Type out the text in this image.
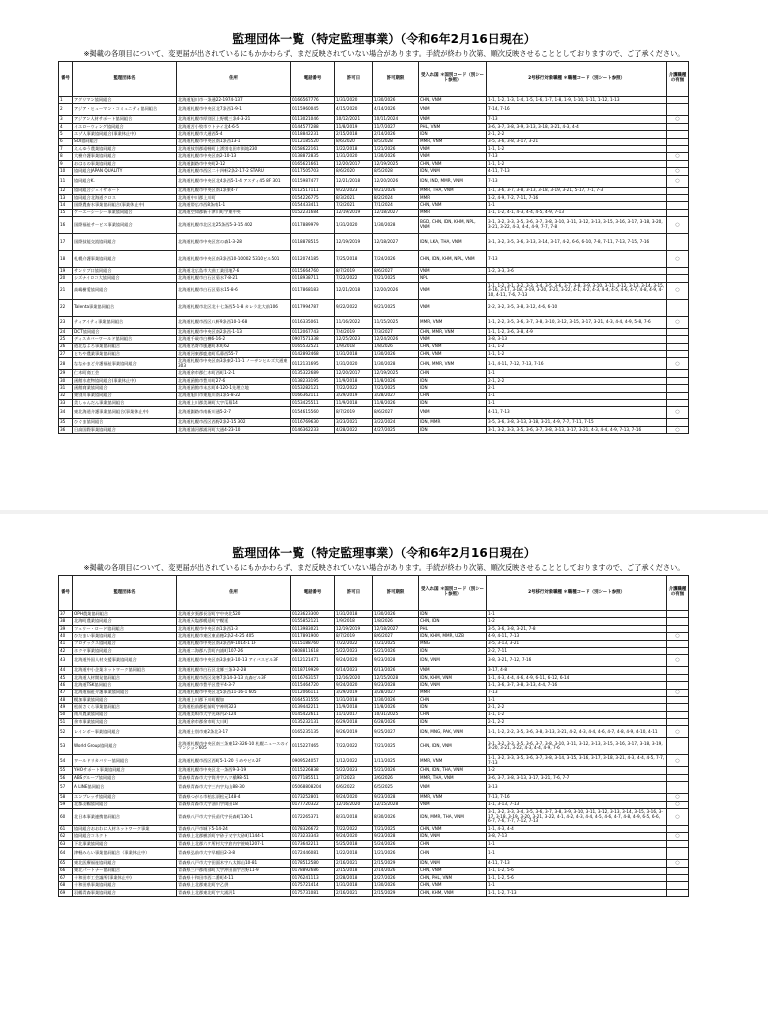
監理団体一覧（特定監理事業）（令和6年2月16日現在）
※掲載の各項目について、変更届が出されているにもかかわらず、まだ反映されていない場合があります。手続が終わり次第、順次反映させることとしておりますので、ご了承ください。
番号	監理団体名	住所	電話番号	許可日	許可期限	受入れ国 ＊国別コード（別シート参照）	2号移行対象職種 ＊職種コード（別シート参照）	介護職種の有無
1	アグリマン協同組合	北海道旭川市一条通22-1974-137	0166567776	1/31/2020	1/30/2026	CHN, VNM	1-1, 1-2, 1-3, 1-4, 1-5, 1-6, 1-7, 1-8, 1-9, 1-10, 1-11, 1-12, 1-13	
2	アジア・ヒューマン・コミュニティ協同組合	北海道札幌市中央区北7条西1-9-1	0115960045	4/15/2020	4/14/2026	VNM	7-14, 7-16	
3	アジアン人材サポート協同組合	北海道札幌市厚別区上野幌三条4-3-21	0113021046	10/12/2021	10/11/2024	VNM	7-13	○
4	イエローウィング協同組合	北海道苫小牧市ウトナイ北4-6-5	0144577288	11/8/2019	11/7/2027	PHL, VNM	3-6, 3-7, 3-8, 3-9, 3-13, 3-18, 3-21, 4-3, 4-4	
5	エゾ人事業協同組合(事業休止中)	北海道札幌市大通西5-4	0118842231	2/15/2018	2/14/2026	IDN	2-1, 2-2	
6	SOI協同組合	北海道札幌市中央区南1条西13-1	0112185520	8/6/2020	8/5/2028	MMR, VNM	3-5, 3-6, 3-8, 3-17, 3-21	
7	えんゆう農業協同組合	北海道紋別郡遠軽町上湧別屯田市街地230	0158622161	1/22/2018	1/21/2026	VNM	1-1, 1-2	
8	大樹介護事業協同組合	北海道札幌市中央区南2-10-13	0138872835	1/31/2020	1/30/2026	VNM	7-13	○
9	おはるの事業協同組合	北海道釧路市中央町2-12	0165621661	12/20/2017	12/19/2025	CHN, VNM	1-1, 1-2	
10	協同組合JAPAN QUALITY	北海道札幌市西区二十四軒2条2-17-2 STARU	0117505703	8/6/2020	8/5/2028	IDN, VNM	4-11, 7-13	○
11	協同組合K.	北海道札幌市中央区北4条西5-1-4 アスティ45 8F 301	0115987477	12/21/2018	12/20/2026	IDN, IND, MMR, VNM	7-13	○
12	協同組合ジェイサポート	北海道札幌市中央区南1条東4-7	0112517111	9/22/2023	9/21/2026	MMR, THA, VNM	1-1, 3-6, 3-7, 3-8, 3-13, 3-18, 3-19, 3-21, 5-17, 7-1, 7-3	
13	協同組合北海道クロス	北海道中川郡上川町	0154226775	8/3/2021	8/2/2024	MMR	1-2, 4-9, 7-2, 7-11, 7-16	
14	国際農畜水事業協同組合(事業休止中)	北海道帯広市西8条南1-1	0154433411	7/2/2021	7/1/2024	CHN, VNM	1-1	
15	ケーエーシーシー事業協同組合	北海道空知郡新十津川町字東中央	0152231684	12/19/2019	12/18/2027	MMR	1-1, 1-2, 4-1, 4-3, 4-4, 4-5, 4-9, 7-13	
16	国際福祉サービス事業協同組合	北海道札幌市北区北25条西5-3-15 402	0117889979	1/31/2020	1/30/2028	BGD, CHN, IDN, KHM, NPL, VNM	3-1, 3-2, 3-3, 3-5, 3-6, 3-7, 3-8, 3-10, 3-11, 3-12, 3-13, 3-15, 3-16, 3-17, 3-18, 3-20, 3-21, 3-22, 4-3, 4-4, 4-9, 7-7, 7-8	○
17	国際技能交流協同組合	北海道札幌市中央区宮の森1-3-28	0118878515	12/19/2019	12/18/2027	IDN, LKA, THA, VNM	3-1, 3-2, 3-5, 3-6, 3-13, 3-14, 3-17, 4-2, 6-6, 6-10, 7-8, 7-11, 7-13, 7-15, 7-16	
18	札幌介護事業協同組合	北海道札幌市中央区南3条西10-10002 5310ビル501	0112074185	7/25/2018	7/24/2026	CHN, IDN, KHM, NPL, VNM	7-13	○
19	サンリブ口協同組合	北海道北広島市大曲工業団地7-6	0115664760	8/7/2019	8/6/2027	VNM	1-2, 3-3, 3-6	
20	シズナイロコ大協同組合	北海道札幌市白石区菊水7-8-21	0118938711	7/22/2022	7/21/2025	NPL		
21	高嶋樹愛協同組合	北海道札幌市白石区菊水15-8-6	0117868183	12/21/2018	12/20/2026	VNM	1-1, 1-2, 3-1, 3-2, 3-3, 3-4, 3-5, 3-6, 3-7, 3-8, 3-9, 3-10, 3-11, 3-12, 3-13, 3-14, 3-15, 3-16, 3-17, 3-18, 3-19, 3-20, 3-21, 3-22, 4-1, 4-2, 4-3, 4-4, 4-5, 4-6, 4-7, 4-8, 4-9, 4-10, 4-11, 7-6, 7-13	○
22	Talenta事業協同組合	北海道札幌市北区北十七条西5-1-8 カレラ北大前106	0117994787	9/22/2022	9/21/2025	VNM	2-2, 3-2, 3-5, 3-8, 3-12, 4-6, 6-10	
23	ティアイティ事業協同組合	北海道札幌市西区八軒9条西10-1-68	0116335061	11/16/2022	11/15/2025	MMR, VNM	1-1, 2-2, 3-5, 3-6, 3-7, 3-8, 3-10, 3-12, 3-15, 3-17, 3-21, 4-3, 4-4, 4-9, 5-8, 7-6	○
24	DCT協同組合	北海道札幌市中央区南2条西-1-13	0112067743	7/4/2019	7/3/2027	CHN, MMR, VNM	1-1, 1-2, 3-6, 3-8, 4-9	
25	ディスカバーワールド協同組合	北海道千歳市白樺6-16-2	0907571338	12/25/2023	12/24/2026	VNM	3-8, 3-13	
26	道北なよろ事業協同組合	北海道名寄市風連町本町62	0165532521	1/9/2018	1/8/2026	CHN, VNM	1-1, 1-2	
27	とちや農業事業協同組合	北海道河東郡鹿追町瓜幕西55-7	0142892468	1/31/2018	1/30/2026	CHN, VNM	1-1, 1-2	
28	ななかまど介護福祉事業協同組合	北海道札幌市中央区南3条東2-11-1 ノーザンヒルズ大通東303	0112131695	1/31/2020	1/30/2028	CHN, MMR, VNM	1-1, 4-11, 7-12, 7-13, 7-16	○
29	仁木町商工会	北海道余市郡仁木町西町1-2-1	0135322689	12/20/2017	12/19/2025	CHN	1-1	
30	函館水産物協同組合(事業休止中)	北海道函館市豊川町27-6	0138233195	11/9/2018	11/8/2026	IDN	2-1, 2-2	
31	函館商業協同組合	北海道函館市末広町4-120-1先理立地	0153282121	7/22/2022	7/21/2025	IDN	2-1	
32	東別川事業協同組合	北海道旭川市東旭川南1条5-8-22	0166362111	3/29/2019	3/28/2027	CHN	1-1	
33	美しゃんだん事業協同組合	北海道上川郡美瑛町大字瓜幕14	0153425511	11/9/2018	11/8/2026	IDN	1-1	
34	東北海道介護事業協同組合(事業休止中)	北海道釧路市南新川通5-2-7	0154615560	8/7/2019	8/6/2027	VNM	4-11, 7-13	○
35	ひぐま協同組合	北海道札幌市西区西野2条2-15 302	0116769630	3/23/2021	3/22/2024	IDN, MMR	3-5, 3-6, 3-8, 3-13, 3-18, 3-21, 4-9, 7-7, 7-11, 7-15	
36	日高国際事業協同組合	北海道浦河郡浦河町大通4-23-10	0146362233	4/28/2022	4/27/2025	IDN	3-1, 3-2, 3-3, 3-5, 3-6, 3-7, 3-8, 3-13, 3-17, 3-21, 4-3, 4-4, 4-9, 7-13, 7-16	○
監理団体一覧（特定監理事業）（令和6年2月16日現在）
※掲載の各項目について、変更届が出されているにもかかわらず、まだ反映されていない場合があります。手続が終わり次第、順次反映させることとしておりますので、ご了承ください。
番号	監理団体名	住所	電話番号	許可日	許可期限	受入れ国 ＊国別コード（別シート参照）	2号移行対象職種 ＊職種コード（別シート参照）	介護職種の有無
37	OPH農業協同組合	北海道夕張郡長沼町字中央北520	0123623300	1/31/2018	1/30/2026	IDN	1-1	
38	北海町農業協同組合	北海道天塩郡幌延町字幌延	0155852121	1/9/2018	1/8/2026	CHN, IDN	1-2	
39	フェリー・ロード協同組合	北海道札幌市中央区南1条西1-3	0113983021	12/19/2019	12/18/2027	PHL	3-5, 3-6, 3-8, 3-21, 7-8	
40	ひだまい事業協同組合	北海道札幌市東区東苗穂2条2-4-25 405	0117891900	8/7/2019	8/6/2027	IDN, KHM, MMR, UZB	4-9, 4-11, 7-13	○
41	プロテックス協同組合	北海道札幌市中央区南3条西9-1014-1 1F	0115188760	7/22/2022	7/21/2025	MNG	3-5, 3-13, 3-21	
42	ホクヤ事業協同組合	北海道二海郡八雲町内浦町107-26	0808811618	5/22/2023	5/21/2026	IDN	2-2, 7-11	
43	北海道外国人材支援事業協同組合	北海道札幌市中央区南3条東3-10-13 アイバスビル3F	0112121471	9/24/2020	9/23/2028	IDN, VNM	3-8, 3-21, 7-12, 7-16	○
44	北海道中小企業ネットワーク協同組合	北海道札幌市白石区北郷三条3-2-28	0118719929	6/14/2023	6/13/2026	VNM	3-17, 4-8	
45	北海道人材開発協同組合	北海道札幌市西区発寒7条14-3-13 丸森ビル3F	0116763157	12/16/2020	12/15/2028	IDN, KHM, VNM	1-1, 4-3, 4-4, 4-6, 4-9, 6-11, 6-12, 6-14	
46	北海道TSK協同組合	北海道札幌市豊平区豊平4-3-7	0115464720	9/24/2020	9/23/2028	IDN, VNM	1-1, 3-6, 3-7, 3-8, 3-13, 4-4, 7-16	
47	北海道福祉介護事業協同組合	北海道札幌市中央区北5条西11-16-1 605	0112066111	3/29/2019	3/28/2027	MMR	7-13	○
48	幌加事業協同組合	北海道上川郡下川町幌加	0164531555	1/31/2018	1/30/2026	CHN	1-1	
49	松前さくら事業協同組合	北海道松前郡松前町字神明323	0139442211	11/9/2018	11/8/2026	IDN	2-1, 2-2	
50	南川農業協同組合	北海道美唄市大字光珠内2-124	0145422611	11/1/2017	10/31/2025	CHN	1-1, 1-2	
51	余市事業協同組合	北海道余市郡余市町大川町	0135232131	6/29/2018	6/28/2026	IDN	2-1, 2-2	
52	レインボー事業協同組合	北海道士別市東2条北3-17	0165235135	9/26/2019	9/25/2027	IDN, MNG, PAK, VNM	1-1, 1-2, 2-2, 3-5, 3-6, 3-8, 3-13, 3-21, 4-2, 4-3, 4-4, 4-6, 4-7, 4-8, 4-9, 4-10, 4-11	○
53	World Group協同組合	北海道札幌市中央区南三条東12-326-10 札幌ニュースのイマンション605	0115227465	7/22/2022	7/21/2025	CHN, IDN, VNM	3-1, 3-2, 3-3, 3-5, 3-6, 3-7, 3-8, 3-10, 3-11, 3-12, 3-13, 3-15, 3-16, 3-17, 3-18, 3-19, 3-20, 3-21, 3-22, 4-3, 4-4, 4-9, 7-6	
54	ワールドリカバリー協同組合	北海道札幌市西区西町5-1-20 うめやビル2F	0909524057	1/12/2022	1/11/2025	MMR, VNM	1-1, 3-2, 3-3, 3-5, 3-6, 3-7, 3-8, 3-14, 3-15, 3-16, 3-17, 3-18, 3-21, 4-3, 4-4, 4-5, 7-7, 7-13	○
55	YHOサポート事業協同組合	北海道札幌市中央区北一条西9-3-19	0115226838	5/22/2023	5/21/2026	CHN, IDN, THA, VNM	1-2	
56	ABSグループ協同組合	青森県青森市大字筒井字八ツ橋98-51	0177185511	3/7/2023	3/6/2026	MMR, THA, VNM	3-6, 3-7, 3-8, 3-13, 3-17, 3-21, 7-6, 7-7	
57	A LINE協同組合	青森県青森市大字三内字丸山88-30	05068808204	6/6/2022	6/5/2025	VNM	3-13	
58	エンプレッサ協同組合	青森県つがる市柏広須松元148-4	0173252801	9/24/2020	9/23/2028	MMR, VNM	7-13, 7-16	○
59	北都羽鶴協同組合	青森県青森市大字油川字岡田18	0177720322	12/16/2020	12/15/2028	VNM	1-1, 3-13, 7-13	○
60	北日本事業連携協同組合	青森県八戸市大字長苗代字長森町130-1	0172265371	8/31/2018	8/30/2026	IDN, MMR, THA, VNM	3-1, 3-2, 3-3, 3-4, 3-5, 3-6, 3-7, 3-8, 3-9, 3-10, 3-11, 3-12, 3-13, 3-14, 3-15, 3-16, 3-17, 3-18, 3-19, 3-20, 3-21, 3-22, 4-1, 4-2, 4-3, 4-4, 4-5, 4-6, 4-7, 4-8, 4-9, 6-5, 6-6, 6-7, 7-6, 7-7, 7-12, 7-13	○
61	協同組合おおわに人材ネットワーク事業	青森県八戸市城下5-14-24	0178326672	7/22/2022	7/21/2025	CHN, VNM	1-1, 4-3, 4-4	
62	協同組合コネクト	青森県上北郡横浜町字砂子又字大砂町1144-1	0173233343	9/24/2020	9/23/2028	IDN, VNM	3-8, 7-13	○
63	下北事業協同組合	青森県上北郡六ケ所村大字倉内字笹崎1207-1	0173642211	5/25/2018	5/24/2026	CHN	1-1	
64	津軽みらい事業協同組合（事業休止中）	青森県弘前市大字早稲田2-3-8	0172446081	1/22/2018	1/21/2026	CHN	1-1	
65	東北医療福祉協同組合	青森県八戸市大字田面木字八太郎山10-81	0178512580	2/16/2021	2/15/2029	IDN, VNM	4-11, 7-13	○
66	東北パートナー協同組合	青森県三戸郡南部町大字沖田面字吉野11-9	0178892686	2/15/2018	2/14/2026	CHN, VNM	1-1, 1-2, 5-6	
67	十和田市工会議所(事業休止中)	青森県十和田市西二番町4-11	0176241113	2/28/2018	2/27/2026	CHN, PHL, VNM	1-1, 1-2, 5-6	
68	十和田県事業協同組合	青森県上北郡東北町字乙供	0175721414	1/31/2018	1/30/2026	CHN, VNM	1-1	
69	羽鶴青森事業協同組合	青森県上北郡東北町字大浦沢1	0175731081	2/16/2021	2/15/2029	CHN, KHM, VNM	1-1, 1-2, 7-13	
